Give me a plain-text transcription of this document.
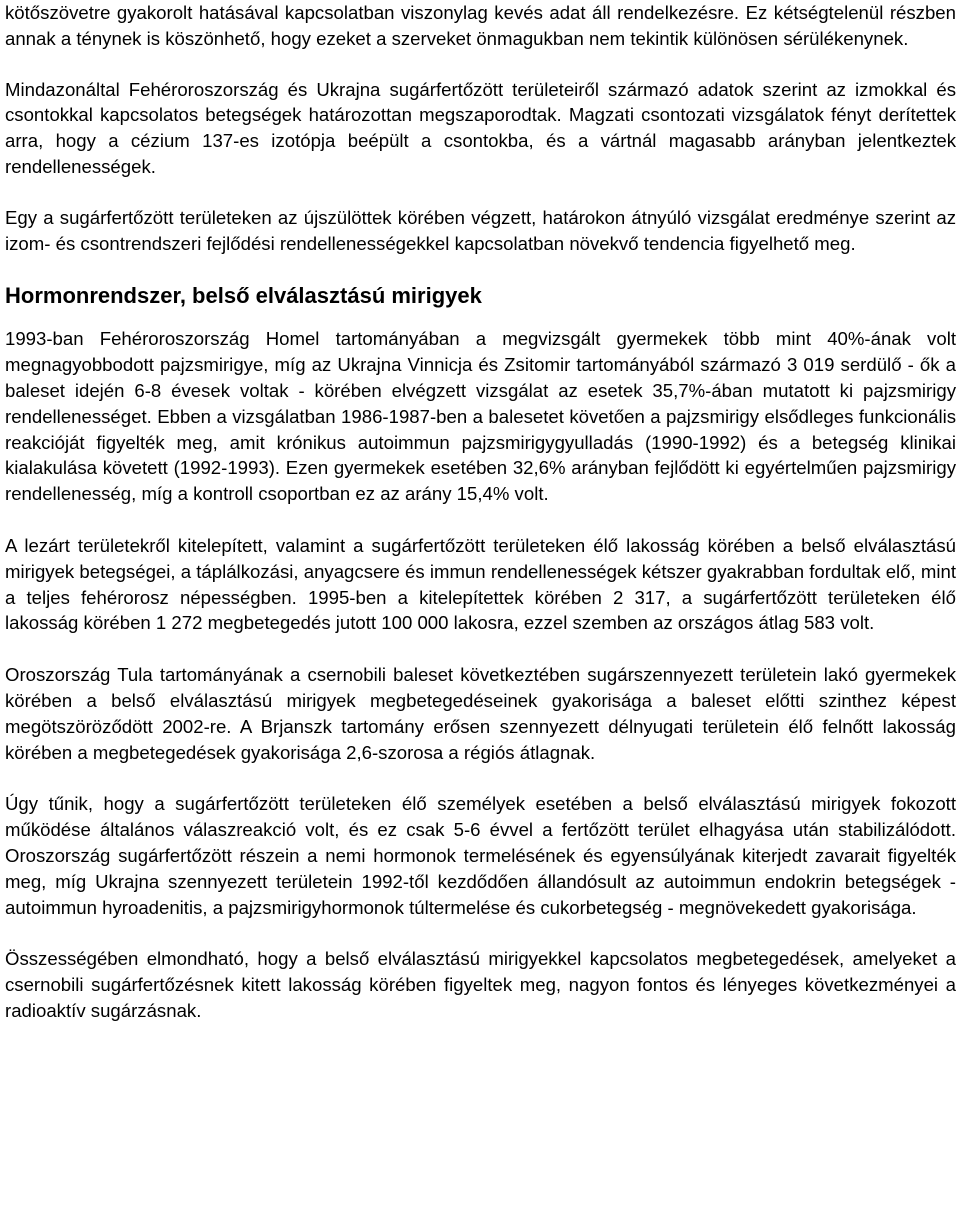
kötőszövetre gyakorolt hatásával kapcsolatban viszonylag kevés adat áll rendelkezésre. Ez kétségtelenül részben annak a ténynek is köszönhető, hogy ezeket a szerveket önmagukban nem tekintik különösen sérülékenynek.

Mindazonáltal Fehéroroszország és Ukrajna sugárfertőzött területeiről származó adatok szerint az izmokkal és csontokkal kapcsolatos betegségek határozottan megszaporodtak. Magzati csontozati vizsgálatok fényt derítettek arra, hogy a cézium 137-es izotópja beépült a csontokba, és a vártnál magasabb arányban jelentkeztek rendellenességek.

Egy a sugárfertőzött területeken az újszülöttek körében végzett, határokon átnyúló vizsgálat eredménye szerint az izom- és csontrendszeri fejlődési rendellenességekkel kapcsolatban növekvő tendencia figyelhető meg.

Hormonrendszer, belső elválasztású mirigyek

1993-ban Fehéroroszország Homel tartományában a megvizsgált gyermekek több mint 40%-ának volt megnagyobbodott pajzsmirigye, míg az Ukrajna Vinnicja és Zsitomir tartományából származó 3 019 serdülő - ők a baleset idején 6-8 évesek voltak - körében elvégzett vizsgálat az esetek 35,7%-ában mutatott ki pajzsmirigy rendellenességet. Ebben a vizsgálatban 1986-1987-ben a balesetet követően a pajzsmirigy elsődleges funkcionális reakcióját figyelték meg, amit krónikus autoimmun pajzsmirigygyulladás (1990-1992) és a betegség klinikai kialakulása követett (1992-1993). Ezen gyermekek esetében 32,6% arányban fejlődött ki egyértelműen pajzsmirigy rendellenesség, míg a kontroll csoportban ez az arány 15,4% volt.

A lezárt területekről kitelepített, valamint a sugárfertőzött területeken élő lakosság körében a belső elválasztású mirigyek betegségei, a táplálkozási, anyagcsere és immun rendellenességek kétszer gyakrabban fordultak elő, mint a teljes fehérorosz népességben. 1995-ben a kitelepítettek körében 2 317, a sugárfertőzött területeken élő lakosság körében 1 272 megbetegedés jutott 100 000 lakosra, ezzel szemben az országos átlag 583 volt.

Oroszország Tula tartományának a csernobili baleset következtében sugárszennyezett területein lakó gyermekek körében a belső elválasztású mirigyek megbetegedéseinek gyakorisága a baleset előtti szinthez képest megötszöröződött 2002-re. A Brjanszk tartomány erősen szennyezett délnyugati területein élő felnőtt lakosság körében a megbetegedések gyakorisága 2,6-szorosa a régiós átlagnak.

Úgy tűnik, hogy a sugárfertőzött területeken élő személyek esetében a belső elválasztású mirigyek fokozott működése általános válaszreakció volt, és ez csak 5-6 évvel a fertőzött terület elhagyása után stabilizálódott. Oroszország sugárfertőzött részein a nemi hormonok termelésének és egyensúlyának kiterjedt zavarait figyelték meg, míg Ukrajna szennyezett területein 1992-től kezdődően állandósult az autoimmun endokrin betegségek - autoimmun hyroadenitis, a pajzsmirigyhormonok túltermelése és cukorbetegség - megnövekedett gyakorisága.

Összességében elmondható, hogy a belső elválasztású mirigyekkel kapcsolatos megbetegedések, amelyeket a csernobili sugárfertőzésnek kitett lakosság körében figyeltek meg, nagyon fontos és lényeges következményei a radioaktív sugárzásnak.
